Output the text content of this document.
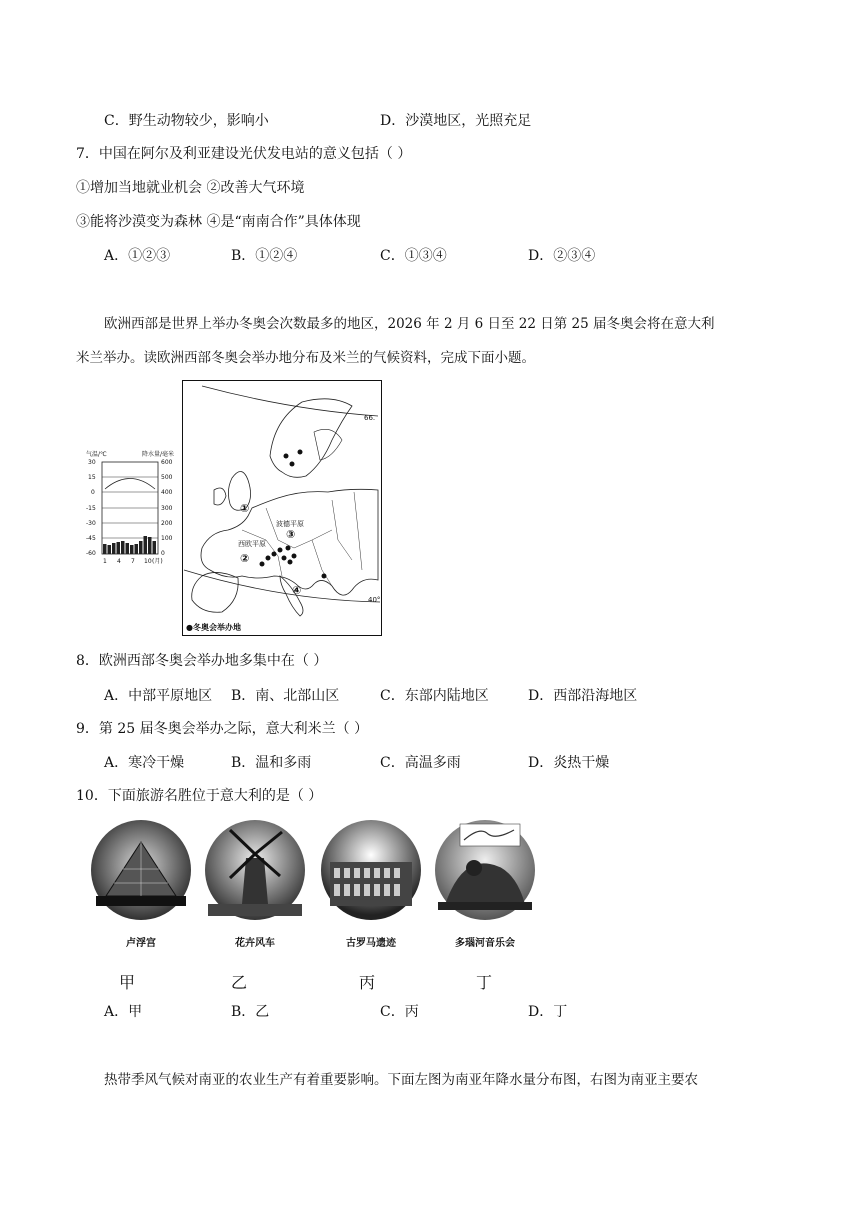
C．野生动物较少，影响小	D．沙漠地区，光照充足
7．中国在阿尔及利亚建设光伏发电站的意义包括（ ）
①增加当地就业机会 ②改善大气环境
③能将沙漠变为森林 ④是“南南合作”具体体现
A．①②③	B．①②④	C．①③④	D．②③④
欧洲西部是世界上举办冬奥会次数最多的地区，2026 年 2 月 6 日至 22 日第 25 届冬奥会将在意大利
米兰举办。读欧洲西部冬奥会举办地分布及米兰的气候资料，完成下面小题。
气温/℃	降水量/毫米
30
15
0
-15
-30
-45
-60
600
500
400
300
200
100
0
1 4 7 10 (月)
66.
40°
波德平原
西欧平原
①
②
③
④
●冬奥会举办地
8．欧洲西部冬奥会举办地多集中在（ ）
A．中部平原地区 B．南、北部山区	C．东部内陆地区	D．西部沿海地区
9．第 25 届冬奥会举办之际，意大利米兰（ ）
A．寒冷干燥	B．温和多雨	C．高温多雨	D．炎热干燥
10．下面旅游名胜位于意大利的是（ ）
卢浮宫	花卉风车	古罗马遗迹	多瑙河音乐会
甲	乙	丙	丁
A．甲	B．乙	C．丙	D．丁
热带季风气候对南亚的农业生产有着重要影响。下面左图为南亚年降水量分布图，右图为南亚主要农
